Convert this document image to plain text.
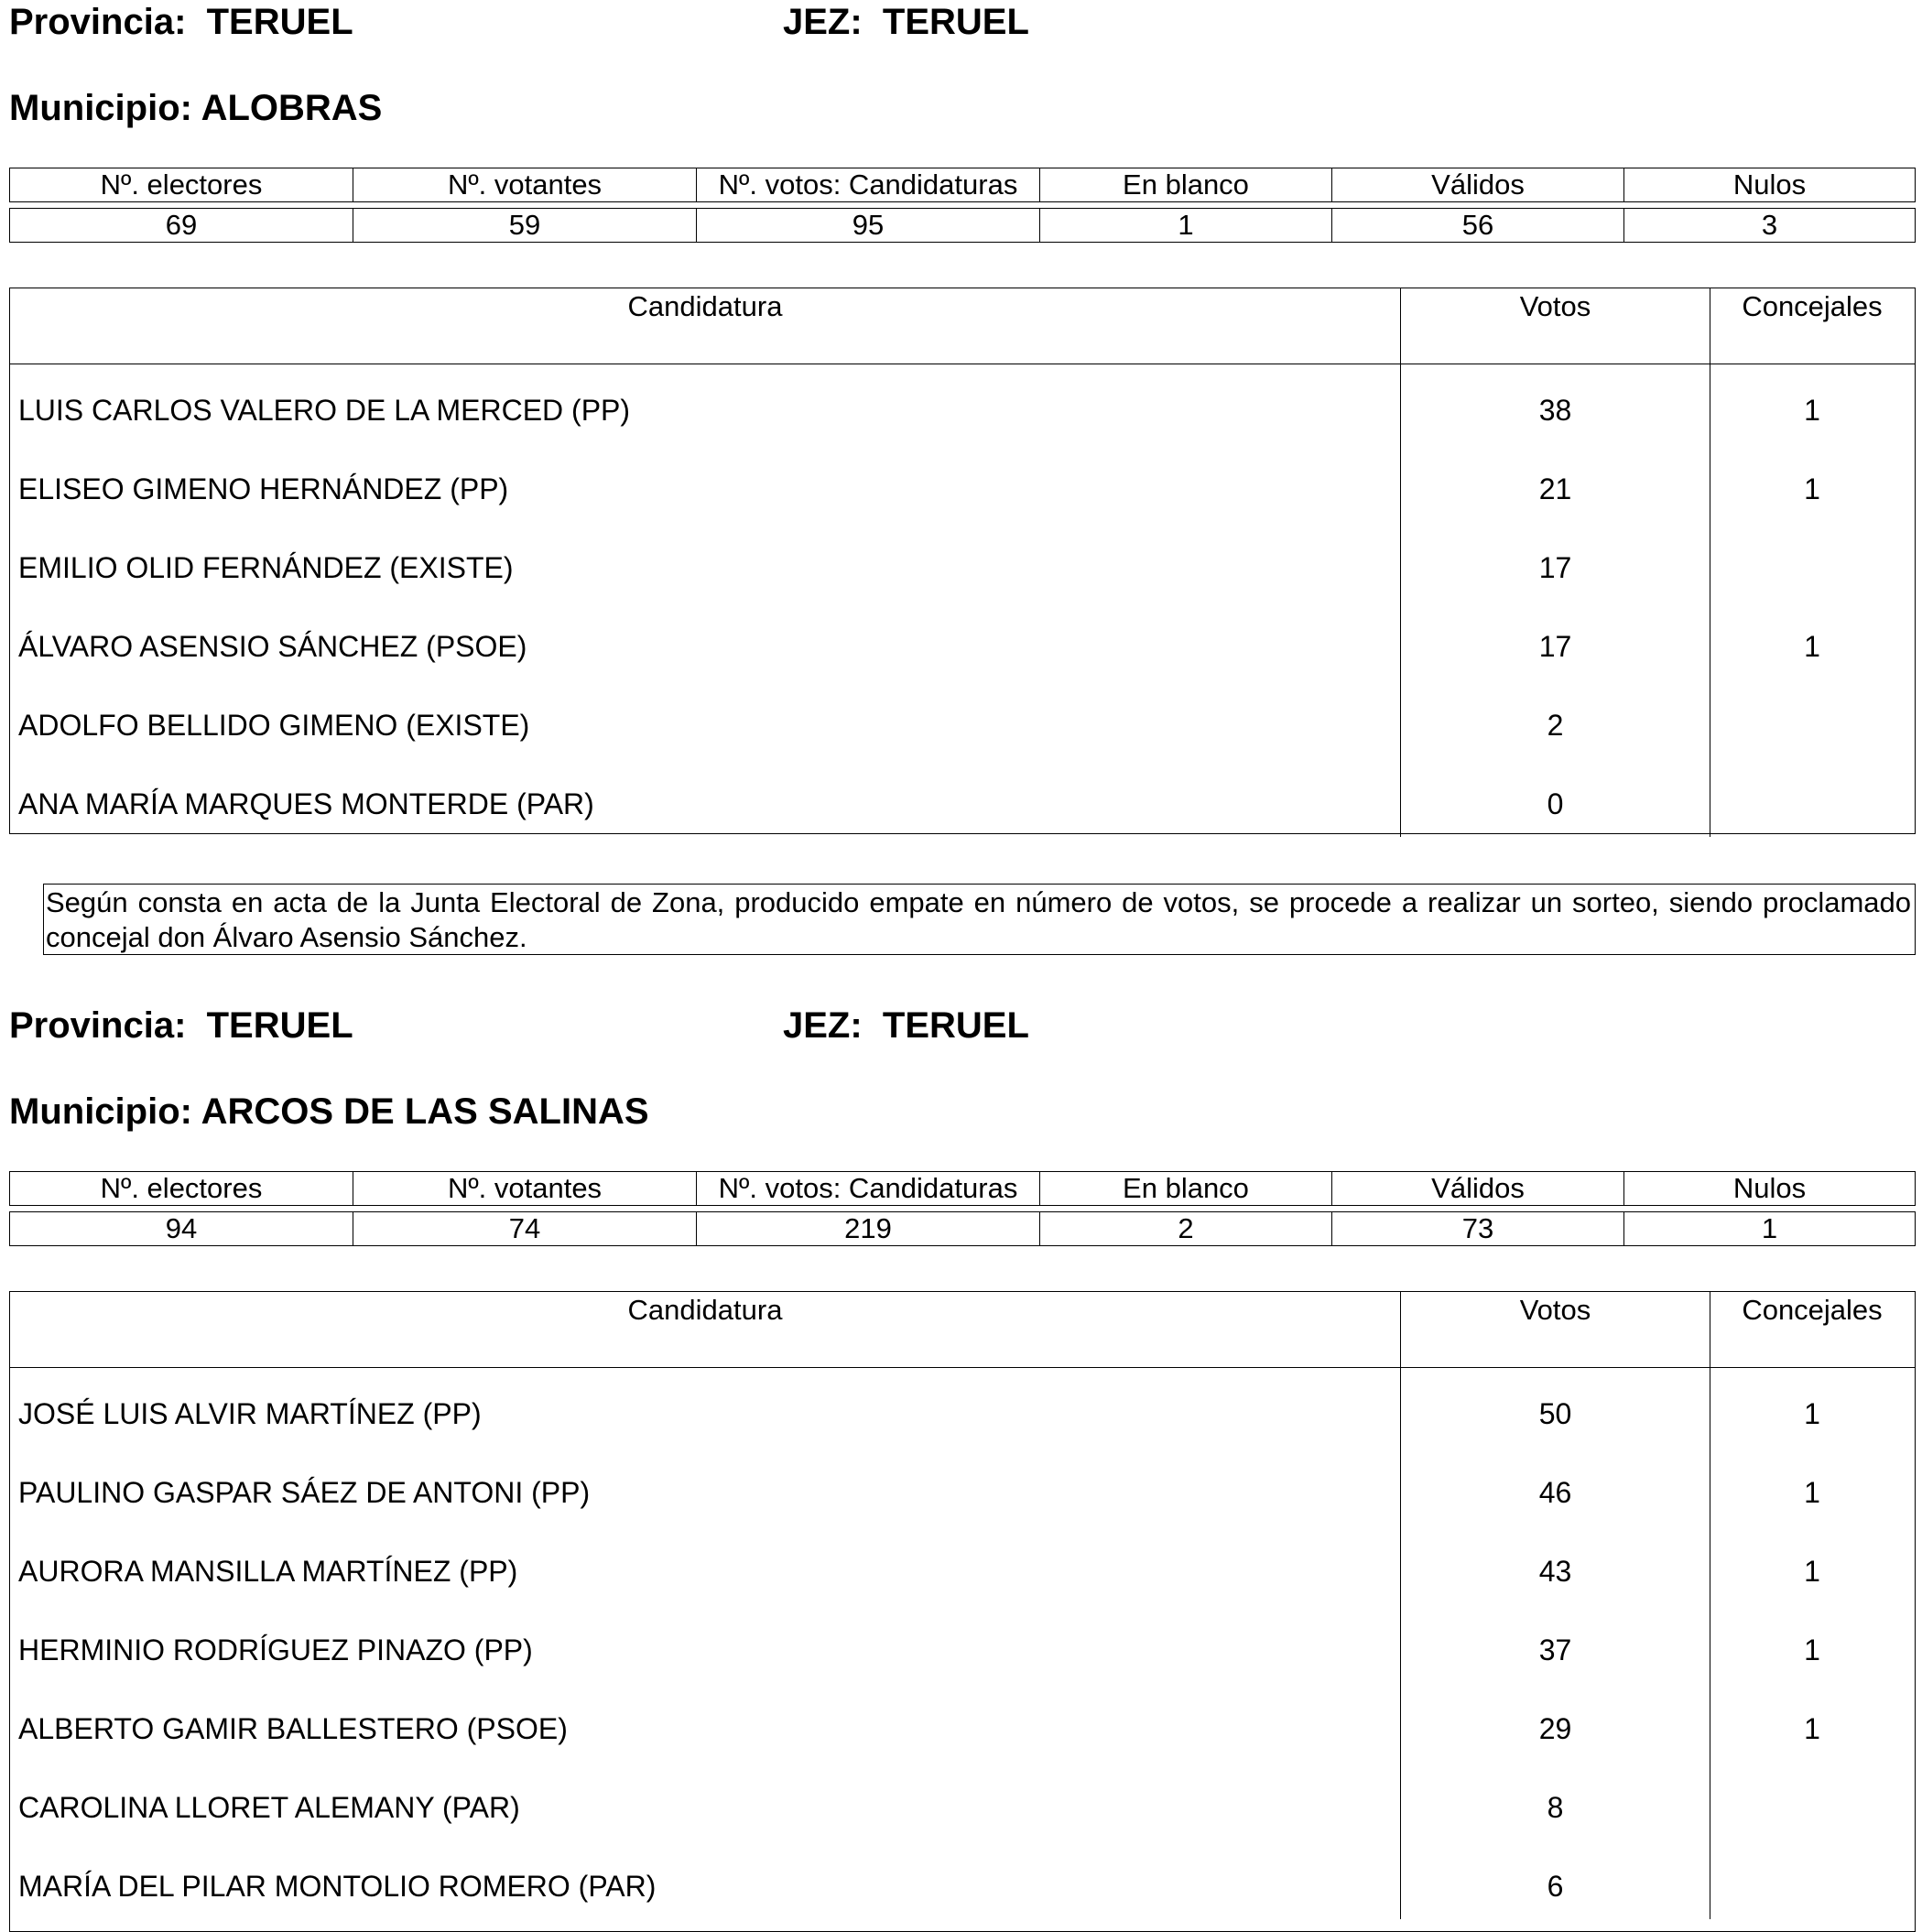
Provincia:  TERUEL	JEZ:  TERUEL
Municipio: ALOBRAS
Nº. electores	Nº. votantes	Nº. votos: Candidaturas	En blanco	Válidos	Nulos
69	59	95	1	56	3
Candidatura	Votos	Concejales
LUIS CARLOS VALERO DE LA MERCED (PP)	38	1
ELISEO GIMENO HERNÁNDEZ (PP)	21	1
EMILIO OLID FERNÁNDEZ (EXISTE)	17
ÁLVARO ASENSIO SÁNCHEZ (PSOE)	17	1
ADOLFO BELLIDO GIMENO (EXISTE)	2
ANA MARÍA MARQUES MONTERDE (PAR)	0
Según consta en acta de la Junta Electoral de Zona, producido empate en número de votos, se procede a realizar un sorteo, siendo proclamado concejal don Álvaro Asensio Sánchez.
Provincia:  TERUEL	JEZ:  TERUEL
Municipio: ARCOS DE LAS SALINAS
Nº. electores	Nº. votantes	Nº. votos: Candidaturas	En blanco	Válidos	Nulos
94	74	219	2	73	1
Candidatura	Votos	Concejales
JOSÉ LUIS ALVIR MARTÍNEZ (PP)	50	1
PAULINO GASPAR SÁEZ DE ANTONI (PP)	46	1
AURORA MANSILLA MARTÍNEZ (PP)	43	1
HERMINIO RODRÍGUEZ PINAZO (PP)	37	1
ALBERTO GAMIR BALLESTERO (PSOE)	29	1
CAROLINA LLORET ALEMANY (PAR)	8
MARÍA DEL PILAR MONTOLIO ROMERO (PAR)	6
